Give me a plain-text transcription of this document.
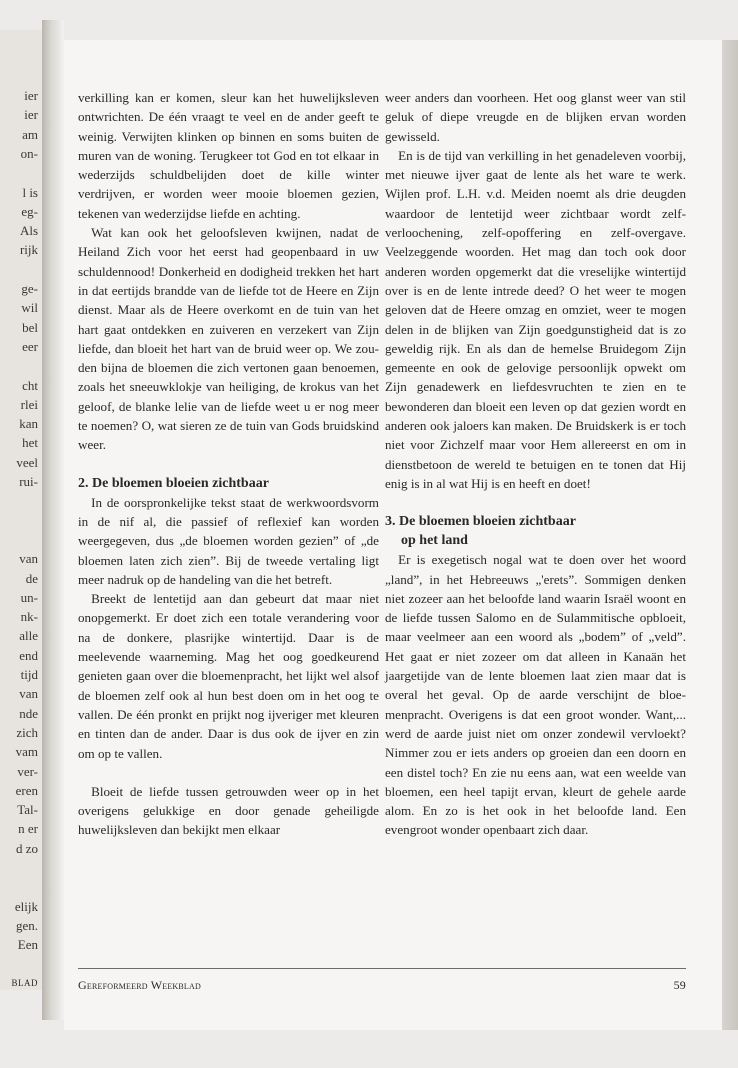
ier
ier
am
on-
l is
eg-
Als
rijk
ge-
wil
bel
eer
cht
rlei
kan
het
veel
rui-
van
de
un-
nk-
alle
end
tijd
van
nde
zich
vam
ver-
eren
Tal-
n er
d zo
elijk
gen.
Een
BLAD

verkilling kan er komen, sleur kan het huwelijksleven ontwrichten. De één vraagt te veel en de ander geeft te weinig. Verwijten klinken op binnen en soms buiten de muren van de woning. Terugkeer tot God en tot elkaar in wederzijds schuldbelijden doet de kille winter verdrijven, er worden weer mooie bloemen gezien, tekenen van wederzijdse liefde en achting.

Wat kan ook het geloofsleven kwijnen, nadat de Heiland Zich voor het eerst had geopenbaard in uw schuldennood! Donkerheid en dodigheid trekken het hart in dat eertijds brandde van de liefde tot de Heere en Zijn dienst. Maar als de Heere overkomt en de tuin van het hart gaat ontdekken en zuiveren en verzekert van Zijn liefde, dan bloeit het hart van de bruid weer op. We zouden bijna de bloemen die zich vertonen gaan benoemen, zoals het sneeuwklokje van heiliging, de krokus van het geloof, de blanke lelie van de liefde weet u er nog meer te noemen? O, wat sieren ze de tuin van Gods bruidskind weer.

2. De bloemen bloeien zichtbaar

In de oorspronkelijke tekst staat de werkwoordsvorm in de nif al, die passief of reflexief kan worden weergegeven, dus „de bloemen worden gezien” of „de bloemen laten zich zien”. Bij de tweede vertaling ligt meer nadruk op de handeling van die het betreft.

Breekt de lentetijd aan dan gebeurt dat maar niet onopgemerkt. Er doet zich een totale verandering voor na de donkere, plasrijke wintertijd. Daar is de meelevende waarneming. Mag het oog goedkeurend genieten gaan over die bloemenpracht, het lijkt wel alsof de bloemen zelf ook al hun best doen om in het oog te vallen. De één pronkt en prijkt nog ijveriger met kleuren en tinten dan de ander. Daar is dus ook de ijver en zin om op te vallen.

Bloeit de liefde tussen getrouwden weer op in het overigens gelukkige en door genade geheiligde huwelijksleven dan bekijkt men elkaar

weer anders dan voorheen. Het oog glanst weer van stil geluk of diepe vreugde en de blijken ervan worden gewisseld.

En is de tijd van verkilling in het genadeleven voorbij, met nieuwe ijver gaat de lente als het ware te werk. Wijlen prof. L.H. v.d. Meiden noemt als drie deugden waardoor de lentetijd weer zichtbaar wordt zelf-verloochening, zelf-opoffering en zelf-overgave. Veelzeggende woorden. Het mag dan toch ook door anderen worden opgemerkt dat die vreselijke wintertijd over is en de lente intrede deed? O het weer te mogen geloven dat de Heere omzag en omziet, weer te mogen delen in de blijken van Zijn goedgunstigheid dat is zo geweldig rijk. En als dan de hemelse Bruidegom Zijn gemeente en ook de gelovige persoonlijk opwekt om Zijn genadewerk en liefdesvruchten te zien en te bewonderen dan bloeit een leven op dat gezien wordt en anderen ook jaloers kan maken. De Bruidskerk is er toch niet voor Zichzelf maar voor Hem allereerst en om in dienstbetoon de wereld te betuigen en te tonen dat Hij enig is in al wat Hij is en heeft en doet!

3. De bloemen bloeien zichtbaar
op het land

Er is exegetisch nogal wat te doen over het woord „land”, in het Hebreeuws „'erets”. Sommigen denken niet zozeer aan het beloofde land waarin Israël woont en de liefde tussen Salomo en de Sulammitische opbloeit, maar veelmeer aan een woord als „bodem” of „veld”. Het gaat er niet zozeer om dat alleen in Kanaän het jaargetijde van de lente bloemen laat zien maar dat is overal het geval. Op de aarde verschijnt de bloemenpracht. Overigens is dat een groot wonder. Want,... werd de aarde juist niet om onzer zondewil vervloekt? Nimmer zou er iets anders op groeien dan een doorn en een distel toch? En zie nu eens aan, wat een weelde van bloemen, een heel tapijt ervan, kleurt de gehele aarde alom. En zo is het ook in het beloofde land. Een evengroot wonder openbaart zich daar.

Gereformeerd Weekblad	59
